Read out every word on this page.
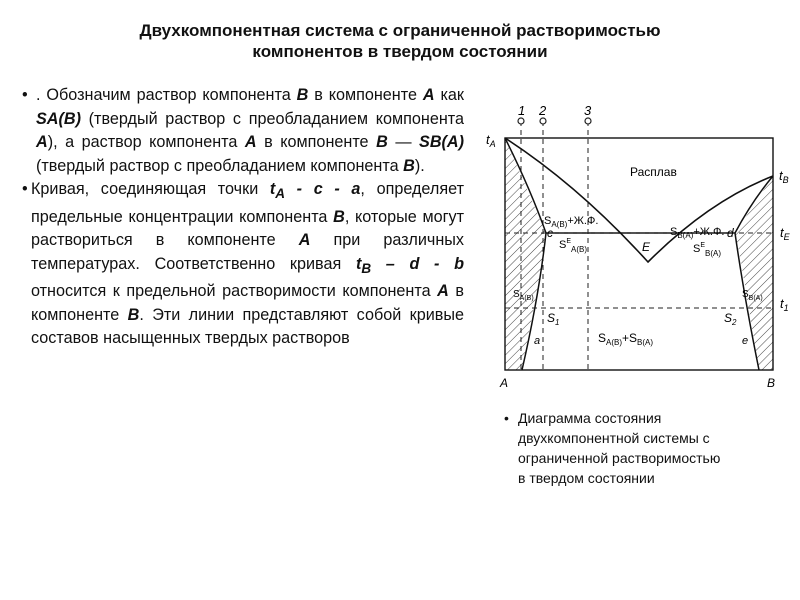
Двухкомпонентная система с ограниченной растворимостью
компонентов в твердом состоянии

• . Обозначим раствор компонента В в компоненте А как SA(B) (твердый раствор с преобладанием компонента А), а раствор компонента А в компоненте В — SB(A) (твердый раствор с преобладанием компонента В).

• Кривая, соединяющая точки $t_A$ - с - а, определяет предельные концентрации компонента В, которые могут раствориться в компоненте А при различных температурах. Соответственно кривая $t_B$ – d - b относится к предельной растворимости компонента А в компоненте В. Эти линии представляют собой кривые составов насыщенных твердых растворов

1 2	3
$t_A$
$t_B$
$t_E$
$t_1$
Расплав
$S_{A(B)}+Ж.Ф$.
$S_{B(A)}+Ж.Ф$.
c	d
E
a	e
$S^E_{A(B)}$	$S^E_{B(A)}$
$S_{A(B)}$	$S_{B(A)}$
$S_1$	$S_2$
$S_{A(B)}+S_{B(A)}$
A	B
• Диаграмма состояния
двухкомпонентной системы с
ограниченной растворимостью
в твердом состоянии
